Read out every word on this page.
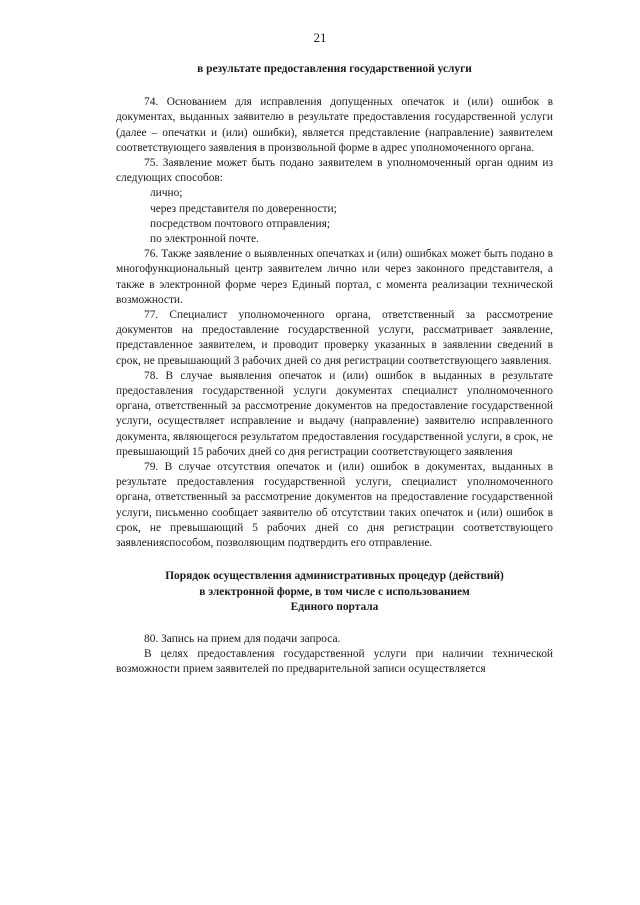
21

в результате предоставления государственной услуги

74. Основанием для исправления допущенных опечаток и (или) ошибок в документах, выданных заявителю в результате предоставления государственной услуги (далее – опечатки и (или) ошибки), является представление (направление) заявителем соответствующего заявления в произвольной форме в адрес уполномоченного органа.

75. Заявление может быть подано заявителем в уполномоченный орган одним из следующих способов:

лично;

через представителя по доверенности;

посредством почтового отправления;

по электронной почте.

76. Также заявление о выявленных опечатках и (или) ошибках может быть подано в многофункциональный центр заявителем лично или через законного представителя, а также в электронной форме через Единый портал, с момента реализации технической возможности.

77. Специалист уполномоченного органа, ответственный за рассмотрение документов на предоставление государственной услуги, рассматривает заявление, представленное заявителем, и проводит проверку указанных в заявлении сведений в срок, не превышающий 3 рабочих дней со дня регистрации соответствующего заявления.

78. В случае выявления опечаток и (или) ошибок в выданных в результате предоставления государственной услуги документах специалист уполномоченного органа, ответственный за рассмотрение документов на предоставление государственной услуги, осуществляет исправление и выдачу (направление) заявителю исправленного документа, являющегося результатом предоставления государственной услуги, в срок, не превышающий 15 рабочих дней со дня регистрации соответствующего заявления

79. В случае отсутствия опечаток и (или) ошибок в документах, выданных в результате предоставления государственной услуги, специалист уполномоченного органа, ответственный за рассмотрение документов на предоставление государственной услуги, письменно сообщает заявителю об отсутствии таких опечаток и (или) ошибок в срок, не превышающий 5 рабочих дней со дня регистрации соответствующего заявленияспособом, позволяющим подтвердить его отправление.

Порядок осуществления административных процедур (действий)
в электронной форме, в том числе с использованием
Единого портала

80. Запись на прием для подачи запроса.

В целях предоставления государственной услуги при наличии технической возможности прием заявителей по предварительной записи осуществляется
